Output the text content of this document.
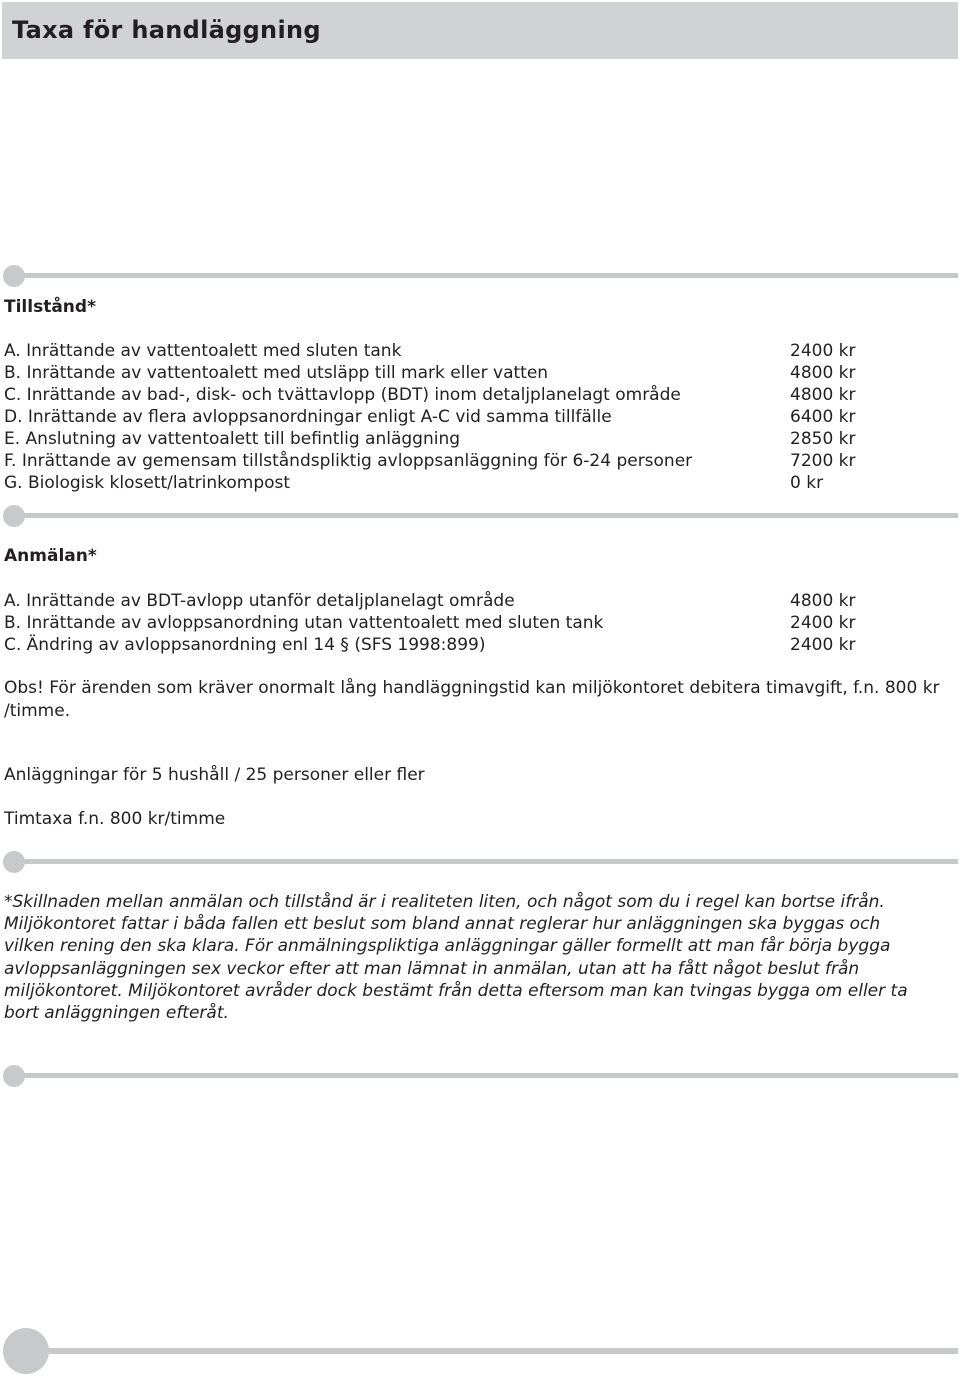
Taxa för handläggning
Tillstånd*
A. Inrättande av vattentoalett med sluten tank	2400 kr
B. Inrättande av vattentoalett med utsläpp till mark eller vatten	4800 kr
C. Inrättande av bad-, disk- och tvättavlopp (BDT) inom detaljplanelagt område	4800 kr
D. Inrättande av flera avloppsanordningar enligt A-C vid samma tillfälle	6400 kr
E. Anslutning av vattentoalett till befintlig anläggning	2850 kr
F. Inrättande av gemensam tillståndspliktig avloppsanläggning för 6-24 personer	7200 kr
G. Biologisk klosett/latrinkompost	0 kr
Anmälan*
A. Inrättande av BDT-avlopp utanför detaljplanelagt område	4800 kr
B. Inrättande av avloppsanordning utan vattentoalett med sluten tank	2400 kr
C. Ändring av avloppsanordning enl 14 § (SFS 1998:899)	2400 kr

Obs! För ärenden som kräver onormalt lång handläggningstid kan miljökontoret debitera timavgift, f.n. 800 kr /timme.

Anläggningar för 5 hushåll / 25 personer eller fler

Timtaxa f.n. 800 kr/timme

*Skillnaden mellan anmälan och tillstånd är i realiteten liten, och något som du i regel kan bortse ifrån. Miljökontoret fattar i båda fallen ett beslut som bland annat reglerar hur anläggningen ska byggas och vilken rening den ska klara. För anmälningspliktiga anläggningar gäller formellt att man får börja bygga avloppsanläggningen sex veckor efter att man lämnat in anmälan, utan att ha fått något beslut från miljökontoret. Miljökontoret avråder dock bestämt från detta eftersom man kan tvingas bygga om eller ta bort anläggningen efteråt.
